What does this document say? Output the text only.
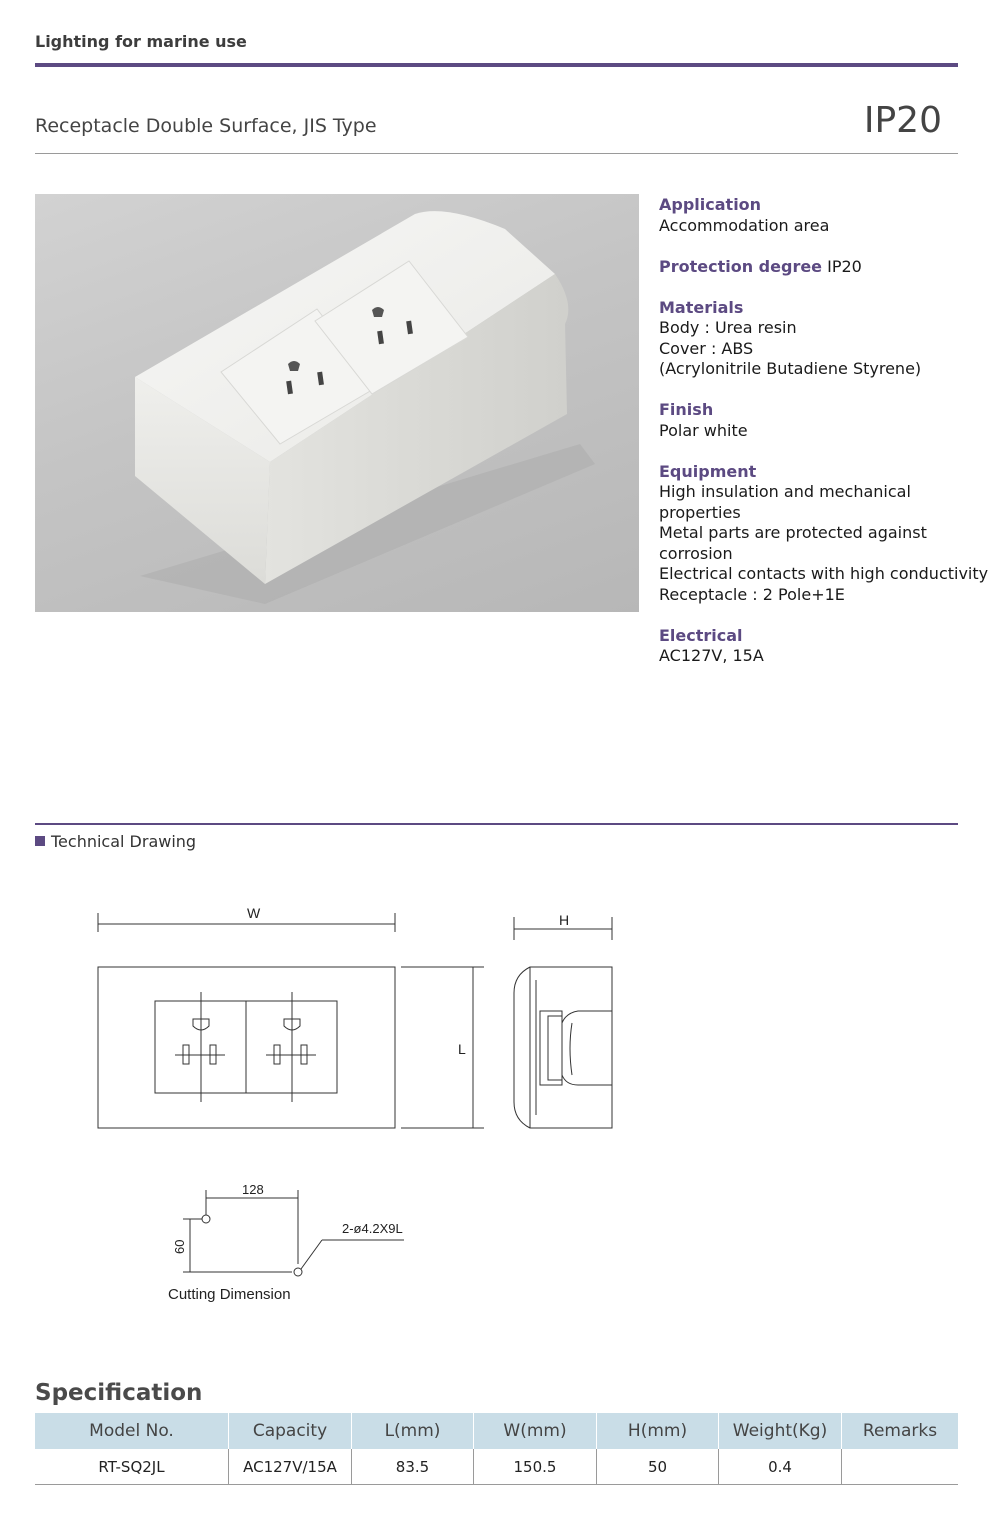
Lighting for marine use
Receptacle Double Surface, JIS Type	IP20
Application
Accommodation area
Protection degree IP20
Materials
Body : Urea resin
Cover : ABS
(Acrylonitrile Butadiene Styrene)
Finish
Polar white
Equipment
High insulation and mechanical properties
Metal parts are protected against corrosion
Electrical contacts with high conductivity
Receptacle : 2 Pole+1E
Electrical
AC127V, 15A
Technical Drawing
W	H
L
128
60
2-ø4.2X9L
Cutting Dimension
Specification
Model No.	Capacity	L(mm)	W(mm)	H(mm)	Weight(Kg)	Remarks
RT-SQ2JL	AC127V/15A	83.5	150.5	50	0.4	
